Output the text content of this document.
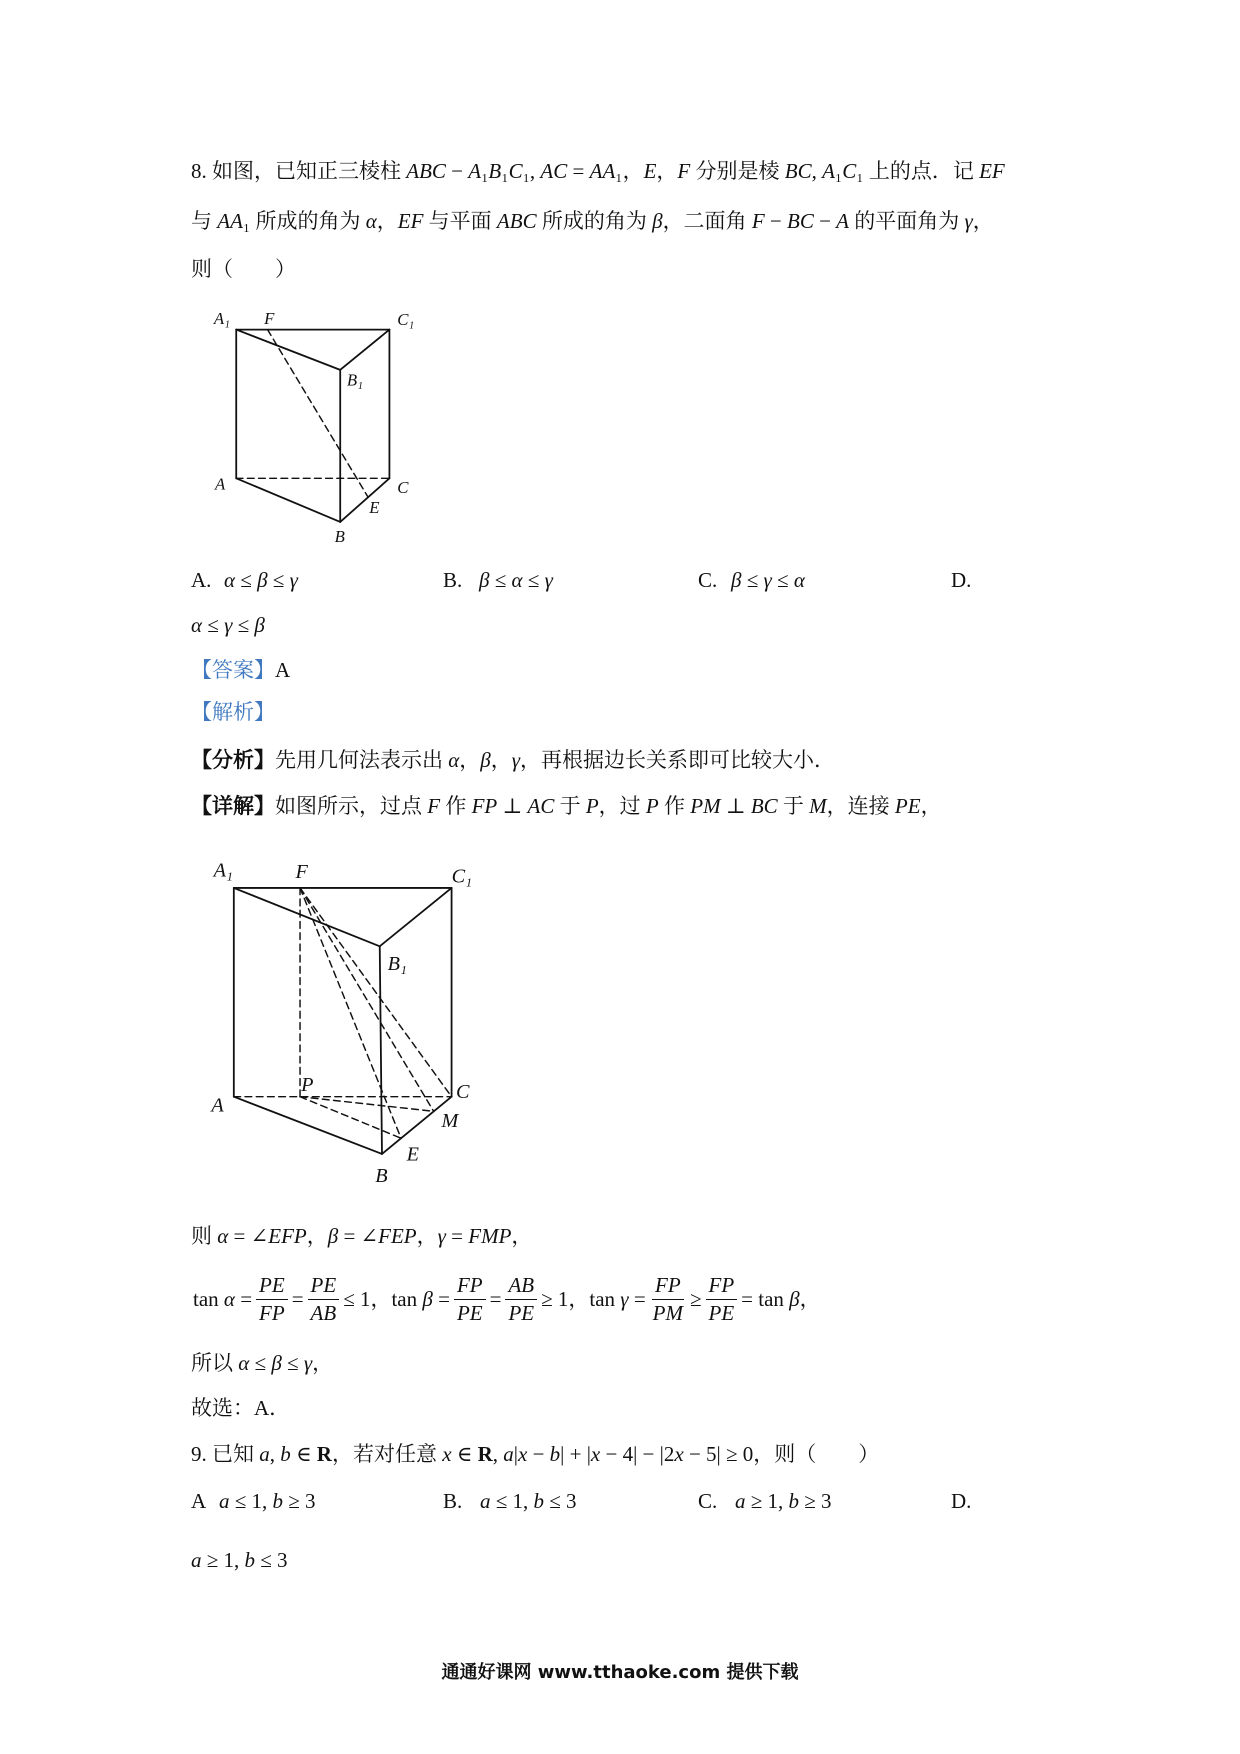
8. 如图，已知正三棱柱 ABC − A₁B₁C₁, AC = AA₁，E，F 分别是棱 BC, A₁C₁ 上的点．记 EF
与 AA₁ 所成的角为 α，EF 与平面 ABC 所成的角为 β，二面角 F − BC − A 的平面角为 γ，
则（　　）
A₁ F	C₁
B₁
A	C
E
B
A. α ≤ β ≤ γ	B. β ≤ α ≤ γ	C. β ≤ γ ≤ α	D.
α ≤ γ ≤ β
【答案】A
【解析】
【分析】先用几何法表示出 α，β，γ，再根据边长关系即可比较大小．
【详解】如图所示，过点 F 作 FP ⊥ AC 于 P，过 P 作 PM ⊥ BC 于 M，连接 PE，
A₁	F	C₁
B₁
P
A
C
M
E
B
则 α = ∠EFP，β = ∠FEP，γ = FMP，
$\tan \alpha = \frac{PE}{FP} = \frac{PE}{AB} \le 1$，$\tan \beta = \frac{FP}{PE} = \frac{AB}{PE} \ge 1$，$\tan \gamma = \frac{FP}{PM} \ge \frac{FP}{PE} = \tan \beta$，
所以 α ≤ β ≤ γ，
故选：A．
9. 已知 a, b ∈ R，若对任意 x ∈ R, a|x − b| + |x − 4| − |2x − 5| ≥ 0，则（　　）
A a ≤ 1, b ≥ 3	B. a ≤ 1, b ≤ 3	C. a ≥ 1, b ≥ 3	D.
a ≥ 1, b ≤ 3
通通好课网 www.tthaoke.com 提供下载
